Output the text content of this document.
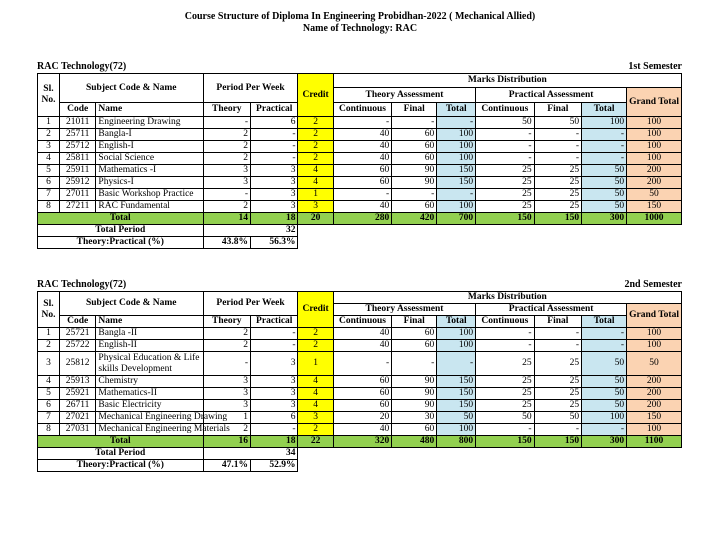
Course Structure of Diploma In Engineering Probidhan-2022 ( Mechanical Allied)
Name of Technology: RAC
RAC Technology(72)	1st Semester
Sl. No.	Subject Code & Name		Period Per Week		Credit	Marks Distribution						
						Theory Assessment			Practical Assessment			Grand Total
	Code	Name	Theory	Practical		Continuous	Final	Total	Continuous	Final	Total	
1	21011	Engineering Drawing	-	6	2	-	-	-	50	50	100	100
2	25711	Bangla-I	2	-	2	40	60	100	-	-	-	100
3	25712	English-I	2	-	2	40	60	100	-	-	-	100
4	25811	Social Science	2	-	2	40	60	100	-	-	-	100
5	25911	Mathematics -I	3	3	4	60	90	150	25	25	50	200
6	25912	Physics-I	3	3	4	60	90	150	25	25	50	200
7	27011	Basic Workshop Practice	-	3	1	-	-	-	25	25	50	50
8	27211	RAC Fundamental	2	3	3	40	60	100	25	25	50	150
Total			14	18	20	280	420	700	150	150	300	1000
Total Period			32									
Theory:Practical (%)			43.8%	56.3%								
RAC Technology(72)	2nd Semester
Sl. No.	Subject Code & Name		Period Per Week		Credit	Marks Distribution						
						Theory Assessment			Practical Assessment			Grand Total
	Code	Name	Theory	Practical		Continuous	Final	Total	Continuous	Final	Total	
1	25721	Bangla -II	2	-	2	40	60	100	-	-	-	100
2	25722	English-II	2	-	2	40	60	100	-	-	-	100
3	25812	Physical Education & Life skills Development	-	3	1	-	-	-	25	25	50	50
4	25913	Chemistry	3	3	4	60	90	150	25	25	50	200
5	25921	Mathematics-II	3	3	4	60	90	150	25	25	50	200
6	26711	Basic Electricity	3	3	4	60	90	150	25	25	50	200
7	27021	Mechanical Engineering Drawing	1	6	3	20	30	50	50	50	100	150
8	27031	Mechanical Engineering Materials	2	-	2	40	60	100	-	-	-	100
Total			16	18	22	320	480	800	150	150	300	1100
Total Period			34									
Theory:Practical (%)			47.1%	52.9%								
